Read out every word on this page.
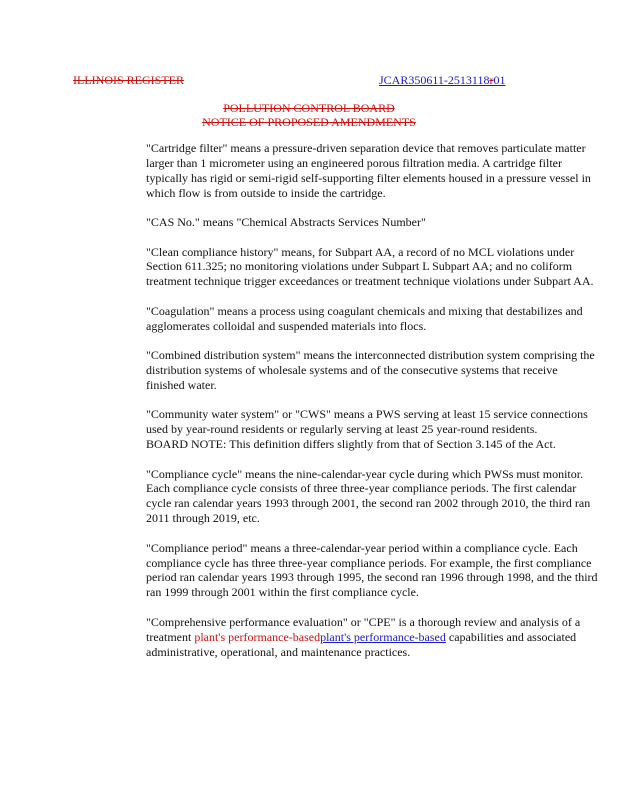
ILLINOIS REGISTER	JCAR350611-2513118r01
POLLUTION CONTROL BOARD
NOTICE OF PROPOSED AMENDMENTS

"Cartridge filter" means a pressure-driven separation device that removes particulate matter larger than 1 micrometer using an engineered porous filtration media. A cartridge filter typically has rigid or semi-rigid self-supporting filter elements housed in a pressure vessel in which flow is from outside to inside the cartridge.

"CAS No." means "Chemical Abstracts Services Number"

"Clean compliance history" means, for Subpart AA, a record of no MCL violations under Section 611.325; no monitoring violations under Subpart L Subpart AA; and no coliform treatment technique trigger exceedances or treatment technique violations under Subpart AA.

"Coagulation" means a process using coagulant chemicals and mixing that destabilizes and agglomerates colloidal and suspended materials into flocs.

"Combined distribution system" means the interconnected distribution system comprising the distribution systems of wholesale systems and of the consecutive systems that receive finished water.

"Community water system" or "CWS" means a PWS serving at least 15 service connections used by year-round residents or regularly serving at least 25 year-round residents.
BOARD NOTE: This definition differs slightly from that of Section 3.145 of the Act.

"Compliance cycle" means the nine-calendar-year cycle during which PWSs must monitor. Each compliance cycle consists of three three-year compliance periods. The first calendar cycle ran calendar years 1993 through 2001, the second ran 2002 through 2010, the third ran 2011 through 2019, etc.

"Compliance period" means a three-calendar-year period within a compliance cycle. Each compliance cycle has three three-year compliance periods. For example, the first compliance period ran calendar years 1993 through 1995, the second ran 1996 through 1998, and the third ran 1999 through 2001 within the first compliance cycle.

"Comprehensive performance evaluation" or "CPE" is a thorough review and analysis of a treatment plant's performance-basedplant's performance-based capabilities and associated administrative, operational, and maintenance practices.
